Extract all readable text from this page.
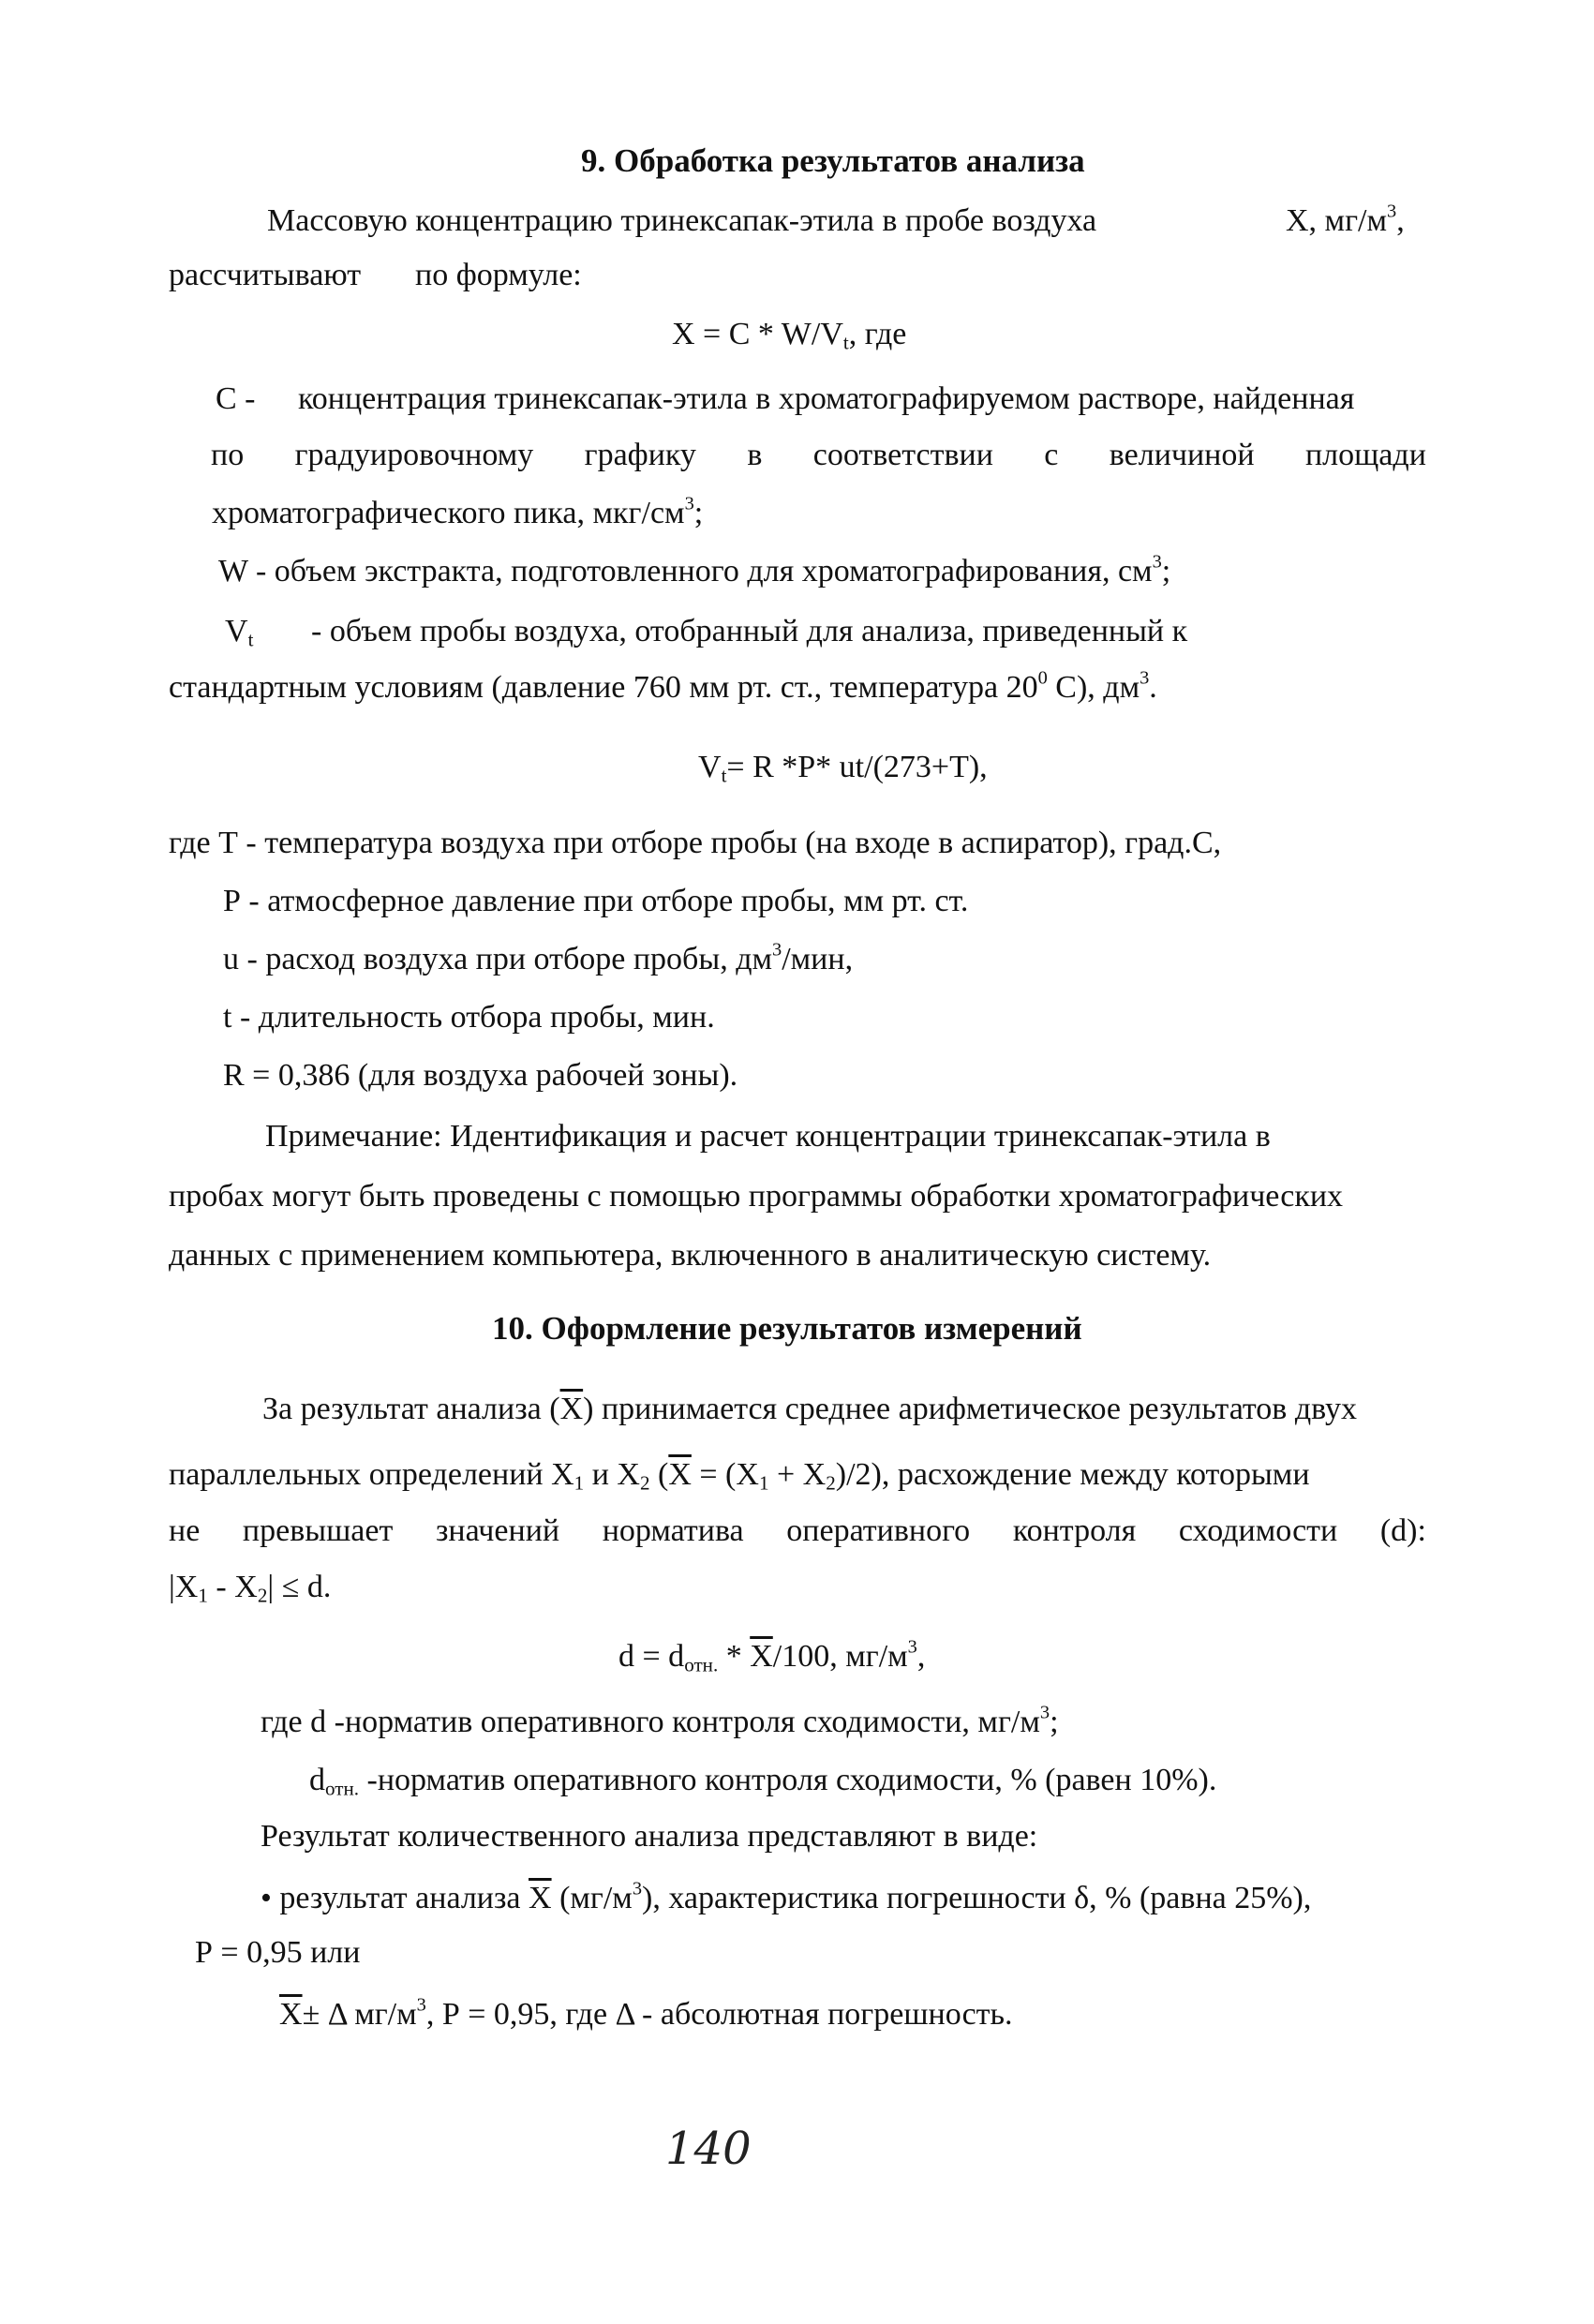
9. Обработка результатов анализа
Массовую концентрацию тринексапак-этила в пробе воздуха	X, $мг/м^3$,
рассчитывают по формуле:
$X = C * W/V_t$, где
С - концентрация тринексапак-этила в хроматографируемом растворе, найденная
по градуировочному графику в соответствии с величиной площади
хроматографического пика, мкг/$см^3$;
W - объем экстракта, подготовленного для хроматографирования, $см^3$;
$V_t$ - объем пробы воздуха, отобранный для анализа, приведенный к
стандартным условиям (давление 760 мм рт. ст., температура $20^0$ С), $дм^3$.
$V_t= R$ *P* ut/(273+T),
где Т - температура воздуха при отборе пробы (на входе в аспиратор), град.С,
Р - атмосферное давление при отборе пробы, мм рт. ст.
u - расход воздуха при отборе пробы, $дм^3$/мин,
t - длительность отбора пробы, мин.
R = 0,386 (для воздуха рабочей зоны).
Примечание: Идентификация и расчет концентрации тринексапак-этила в
пробах могут быть проведены с помощью программы обработки хроматографических
данных с применением компьютера, включенного в аналитическую систему.
10. Оформление результатов измерений
За результат анализа $(\overline{X})$ принимается среднее арифметическое результатов двух
параллельных определений $X_1$ и $X_2$ $(\overline{X} = (X_1 + X_2)/2)$, расхождение между которыми
не превышает значений норматива оперативного контроля сходимости (d):
$|X_1 - X_2| \le d$.
$d = d_{отн.} * \overline{X}/100$, $мг/м^3$,
где d -норматив оперативного контроля сходимости, $мг/м^3$;
$d_{отн.}$ -норматив оперативного контроля сходимости, % (равен 10%).
Результат количественного анализа представляют в виде:
• результат анализа $\overline{X}$ $(мг/м^3)$, характеристика погрешности δ, % (равна 25%),
Р = 0,95 или
$\overline{X}\pm \Delta$ $мг/м^3$, Р = 0,95, где Δ - абсолютная погрешность.
140
